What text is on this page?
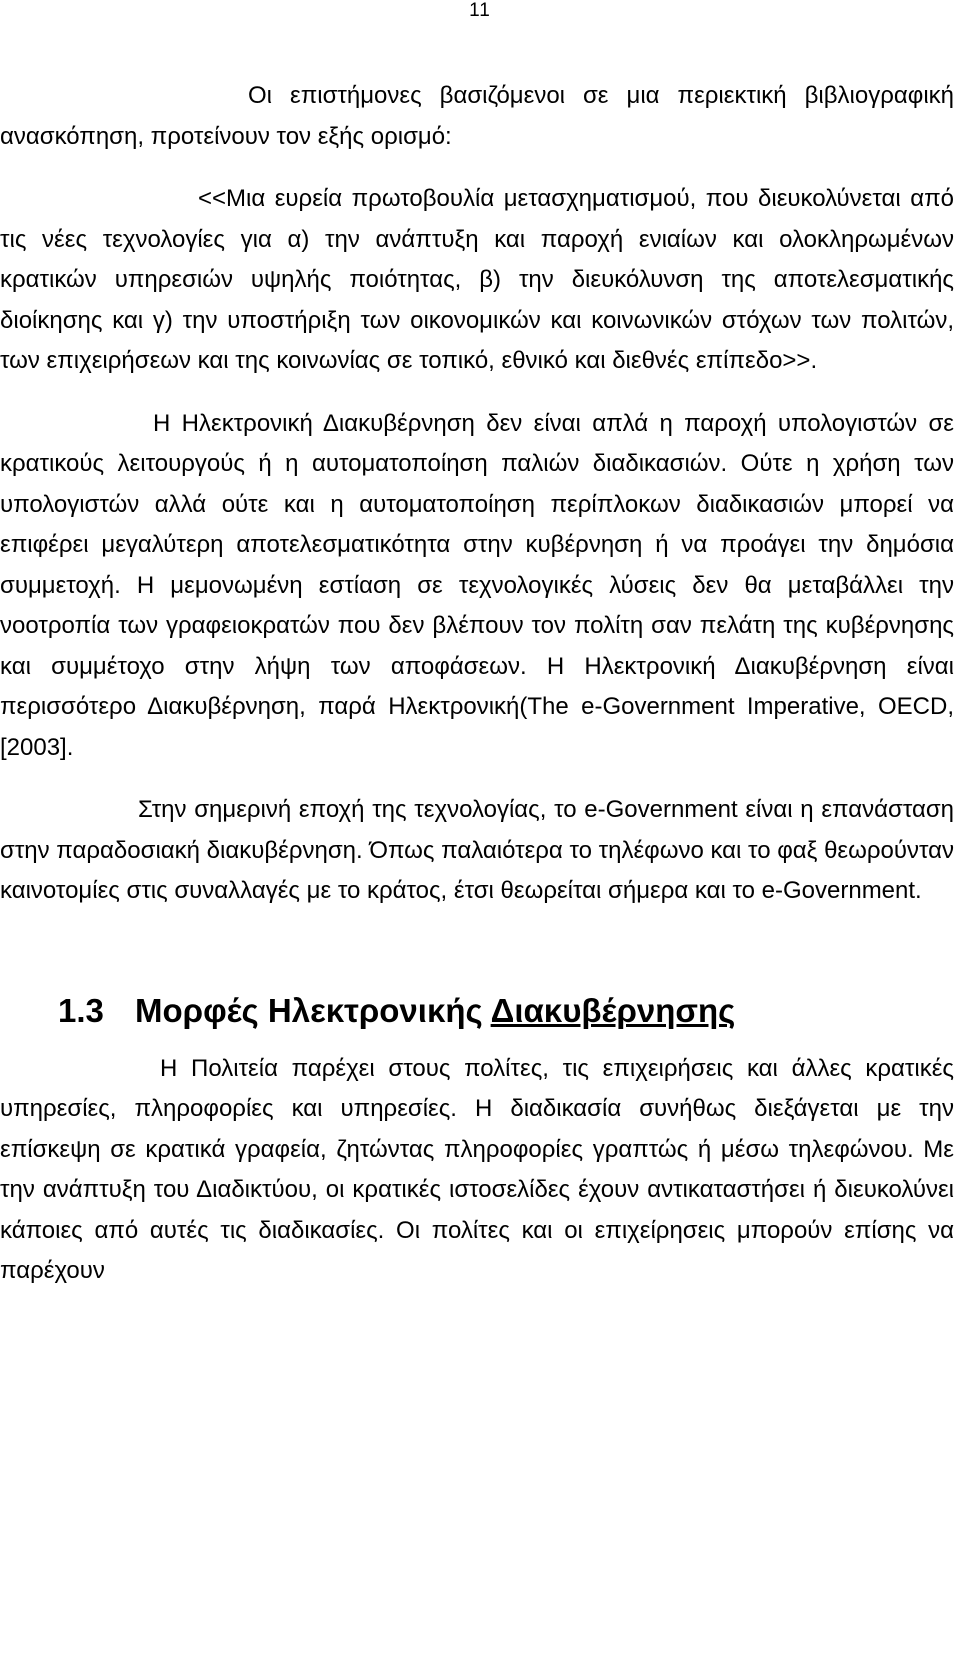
11

Οι επιστήμονες βασιζόμενοι σε μια περιεκτική βιβλιογραφική ανασκόπηση, προτείνουν τον εξής ορισμό:

<<Μια ευρεία πρωτοβουλία μετασχηματισμού, που διευκολύνεται από τις νέες τεχνολογίες για α) την ανάπτυξη και παροχή ενιαίων και ολοκληρωμένων κρατικών υπηρεσιών υψηλής ποιότητας, β) την διευκόλυνση της αποτελεσματικής διοίκησης και γ) την υποστήριξη των οικονομικών και κοινωνικών στόχων των πολιτών, των επιχειρήσεων και της κοινωνίας σε τοπικό, εθνικό και διεθνές επίπεδο>>.

Η Ηλεκτρονική Διακυβέρνηση δεν είναι απλά η παροχή υπολογιστών σε κρατικούς λειτουργούς ή η αυτοματοποίηση παλιών διαδικασιών. Ούτε η χρήση των υπολογιστών αλλά ούτε και η αυτοματοποίηση περίπλοκων διαδικασιών μπορεί να επιφέρει μεγαλύτερη αποτελεσματικότητα στην κυβέρνηση ή να προάγει την δημόσια συμμετοχή. Η μεμονωμένη εστίαση σε τεχνολογικές λύσεις δεν θα μεταβάλλει την νοοτροπία των γραφειοκρατών που δεν βλέπουν τον πολίτη σαν πελάτη της κυβέρνησης και συμμέτοχο στην λήψη των αποφάσεων. Η Ηλεκτρονική Διακυβέρνηση είναι περισσότερο Διακυβέρνηση, παρά Ηλεκτρονική(The e-Government Imperative, OECD, [2003].

Στην σημερινή εποχή της τεχνολογίας, το e-Government είναι η επανάσταση στην παραδοσιακή διακυβέρνηση. Όπως παλαιότερα το τηλέφωνο και το φαξ θεωρούνταν καινοτομίες στις συναλλαγές με το κράτος, έτσι θεωρείται σήμερα και το e-Government.

1.3 Μορφές Ηλεκτρονικής Διακυβέρνησης

Η Πολιτεία παρέχει στους πολίτες, τις επιχειρήσεις και άλλες κρατικές υπηρεσίες, πληροφορίες και υπηρεσίες. Η διαδικασία συνήθως διεξάγεται με την επίσκεψη σε κρατικά γραφεία, ζητώντας πληροφορίες γραπτώς ή μέσω τηλεφώνου. Με την ανάπτυξη του Διαδικτύου, οι κρατικές ιστοσελίδες έχουν αντικαταστήσει ή διευκολύνει κάποιες από αυτές τις διαδικασίες. Οι πολίτες και οι επιχείρησεις μπορούν επίσης να παρέχουν
